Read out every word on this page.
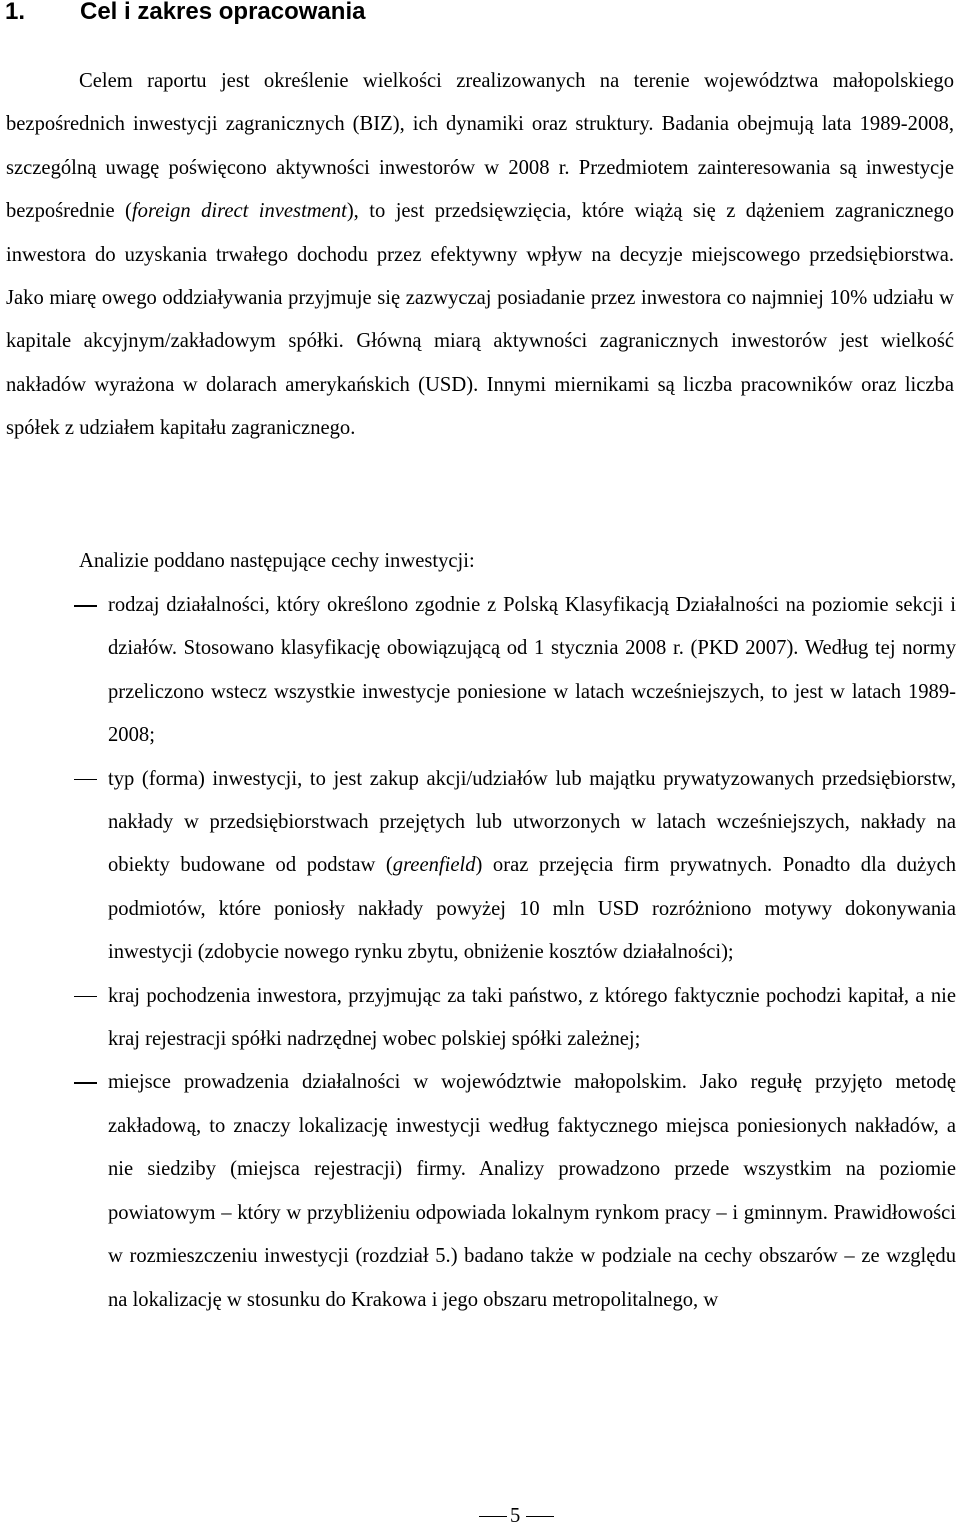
1. Cel i zakres opracowania

Celem raportu jest określenie wielkości zrealizowanych na terenie województwa małopolskiego bezpośrednich inwestycji zagranicznych (BIZ), ich dynamiki oraz struktury. Badania obejmują lata 1989-2008, szczególną uwagę poświęcono aktywności inwestorów w 2008 r. Przedmiotem zainteresowania są inwestycje bezpośrednie (foreign direct investment), to jest przedsięwzięcia, które wiążą się z dążeniem zagranicznego inwestora do uzyskania trwałego dochodu przez efektywny wpływ na decyzje miejscowego przedsiębiorstwa. Jako miarę owego oddziaływania przyjmuje się zazwyczaj posiadanie przez inwestora co najmniej 10% udziału w kapitale akcyjnym/zakładowym spółki. Główną miarą aktywności zagranicznych inwestorów jest wielkość nakładów wyrażona w dolarach amerykańskich (USD). Innymi miernikami są liczba pracowników oraz liczba spółek z udziałem kapitału zagranicznego.

Analizie poddano następujące cechy inwestycji:
rodzaj działalności, który określono zgodnie z Polską Klasyfikacją Działalności na poziomie sekcji i działów. Stosowano klasyfikację obowiązującą od 1 stycznia 2008 r. (PKD 2007). Według tej normy przeliczono wstecz wszystkie inwestycje poniesione w latach wcześniejszych, to jest w latach 1989-2008;
typ (forma) inwestycji, to jest zakup akcji/udziałów lub majątku prywatyzowanych przedsiębiorstw, nakłady w przedsiębiorstwach przejętych lub utworzonych w latach wcześniejszych, nakłady na obiekty budowane od podstaw (greenfield) oraz przejęcia firm prywatnych. Ponadto dla dużych podmiotów, które poniosły nakłady powyżej 10 mln USD rozróżniono motywy dokonywania inwestycji (zdobycie nowego rynku zbytu, obniżenie kosztów działalności);
kraj pochodzenia inwestora, przyjmując za taki państwo, z którego faktycznie pochodzi kapitał, a nie kraj rejestracji spółki nadrzędnej wobec polskiej spółki zależnej;
miejsce prowadzenia działalności w województwie małopolskim. Jako regułę przyjęto metodę zakładową, to znaczy lokalizację inwestycji według faktycznego miejsca poniesionych nakładów, a nie siedziby (miejsca rejestracji) firmy. Analizy prowadzono przede wszystkim na poziomie powiatowym – który w przybliżeniu odpowiada lokalnym rynkom pracy – i gminnym. Prawidłowości w rozmieszczeniu inwestycji (rozdział 5.) badano także w podziale na cechy obszarów – ze względu na lokalizację w stosunku do Krakowa i jego obszaru metropolitalnego, w
5
